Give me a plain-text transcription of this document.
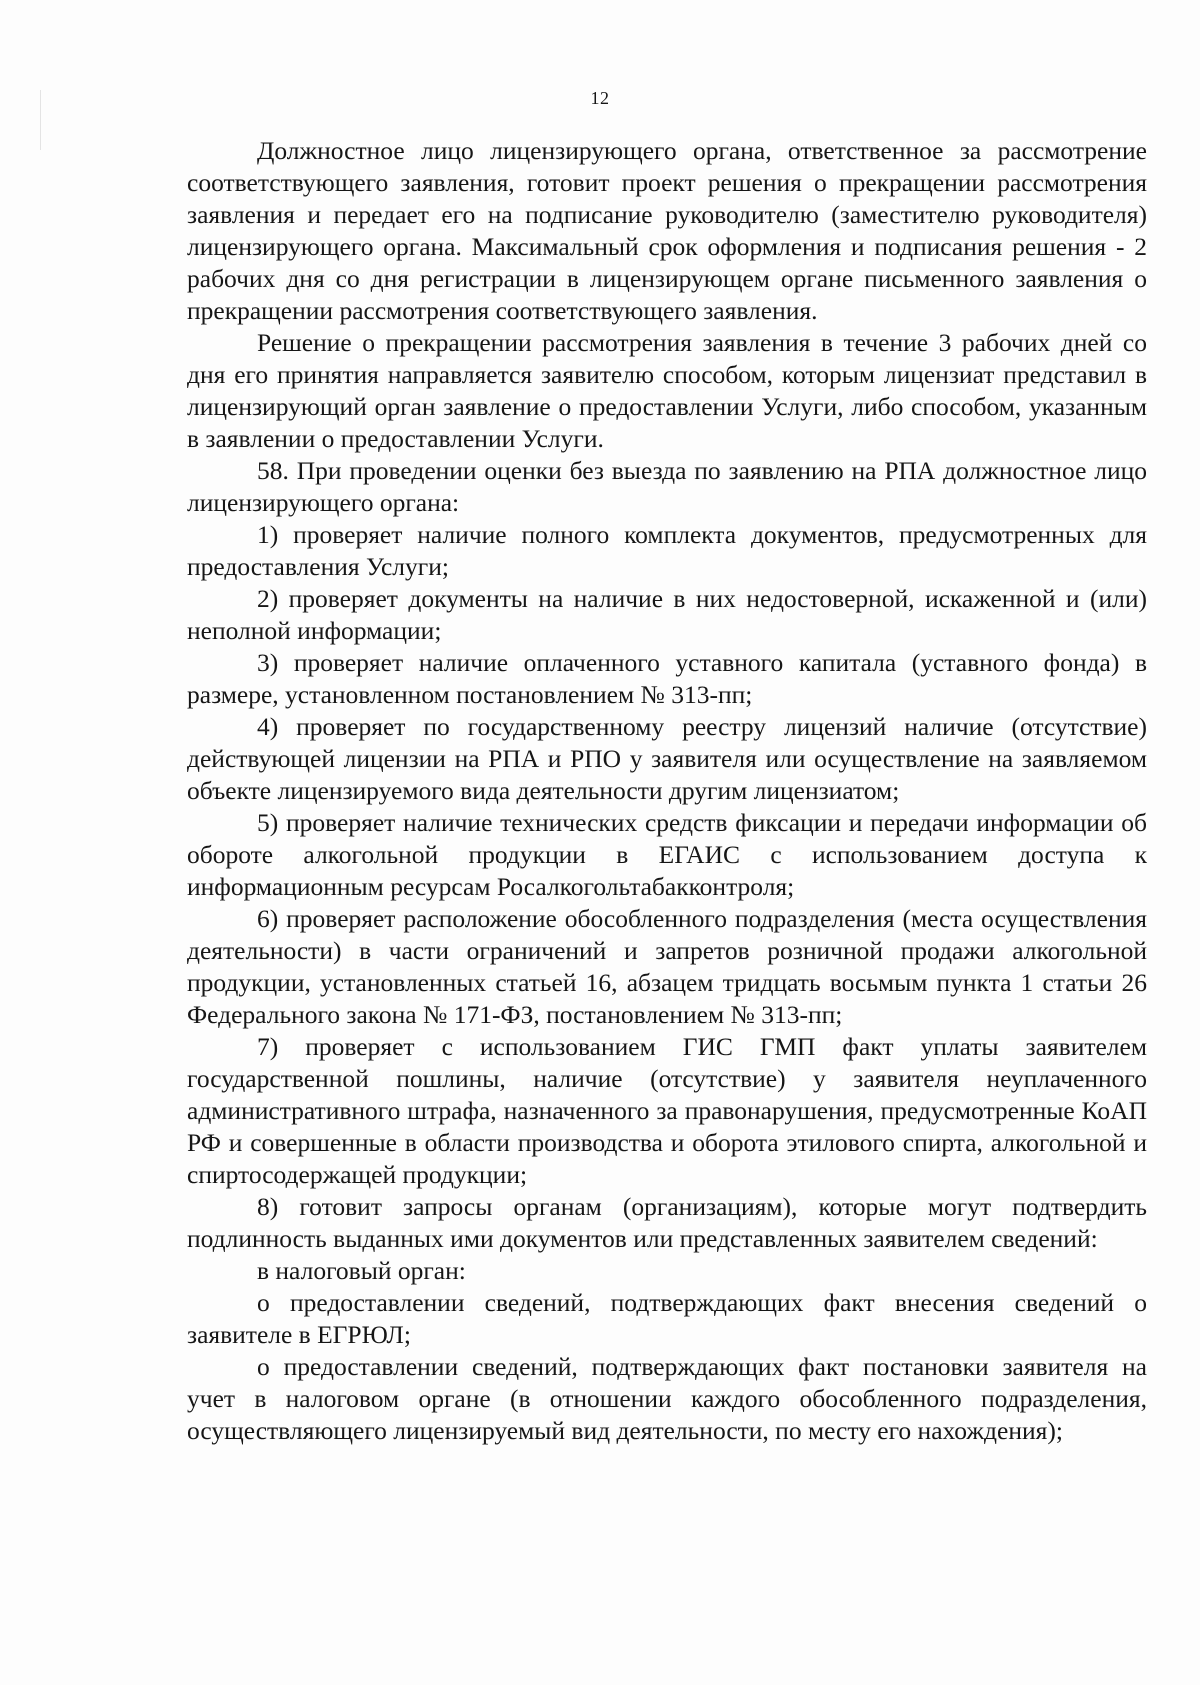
12

Должностное лицо лицензирующего органа, ответственное за рассмотрение соответствующего заявления, готовит проект решения о прекращении рассмотрения заявления и передает его на подписание руководителю (заместителю руководителя) лицензирующего органа. Максимальный срок оформления и подписания решения - 2 рабочих дня со дня регистрации в лицензирующем органе письменного заявления о прекращении рассмотрения соответствующего заявления.

Решение о прекращении рассмотрения заявления в течение 3 рабочих дней со дня его принятия направляется заявителю способом, которым лицензиат представил в лицензирующий орган заявление о предоставлении Услуги, либо способом, указанным в заявлении о предоставлении Услуги.

58. При проведении оценки без выезда по заявлению на РПА должностное лицо лицензирующего органа:

1) проверяет наличие полного комплекта документов, предусмотренных для предоставления Услуги;

2) проверяет документы на наличие в них недостоверной, искаженной и (или) неполной информации;

3) проверяет наличие оплаченного уставного капитала (уставного фонда) в размере, установленном постановлением № 313-пп;

4) проверяет по государственному реестру лицензий наличие (отсутствие) действующей лицензии на РПА и РПО у заявителя или осуществление на заявляемом объекте лицензируемого вида деятельности другим лицензиатом;

5) проверяет наличие технических средств фиксации и передачи информации об обороте алкогольной продукции в ЕГАИС с использованием доступа к информационным ресурсам Росалкогольтабакконтроля;

6) проверяет расположение обособленного подразделения (места осуществления деятельности) в части ограничений и запретов розничной продажи алкогольной продукции, установленных статьей 16, абзацем тридцать восьмым пункта 1 статьи 26 Федерального закона № 171-ФЗ, постановлением № 313-пп;

7) проверяет с использованием ГИС ГМП факт уплаты заявителем государственной пошлины, наличие (отсутствие) у заявителя неуплаченного административного штрафа, назначенного за правонарушения, предусмотренные КоАП РФ и совершенные в области производства и оборота этилового спирта, алкогольной и спиртосодержащей продукции;

8) готовит запросы органам (организациям), которые могут подтвердить подлинность выданных ими документов или представленных заявителем сведений:

в налоговый орган:

о предоставлении сведений, подтверждающих факт внесения сведений о заявителе в ЕГРЮЛ;

о предоставлении сведений, подтверждающих факт постановки заявителя на учет в налоговом органе (в отношении каждого обособленного подразделения, осуществляющего лицензируемый вид деятельности, по месту его нахождения);
